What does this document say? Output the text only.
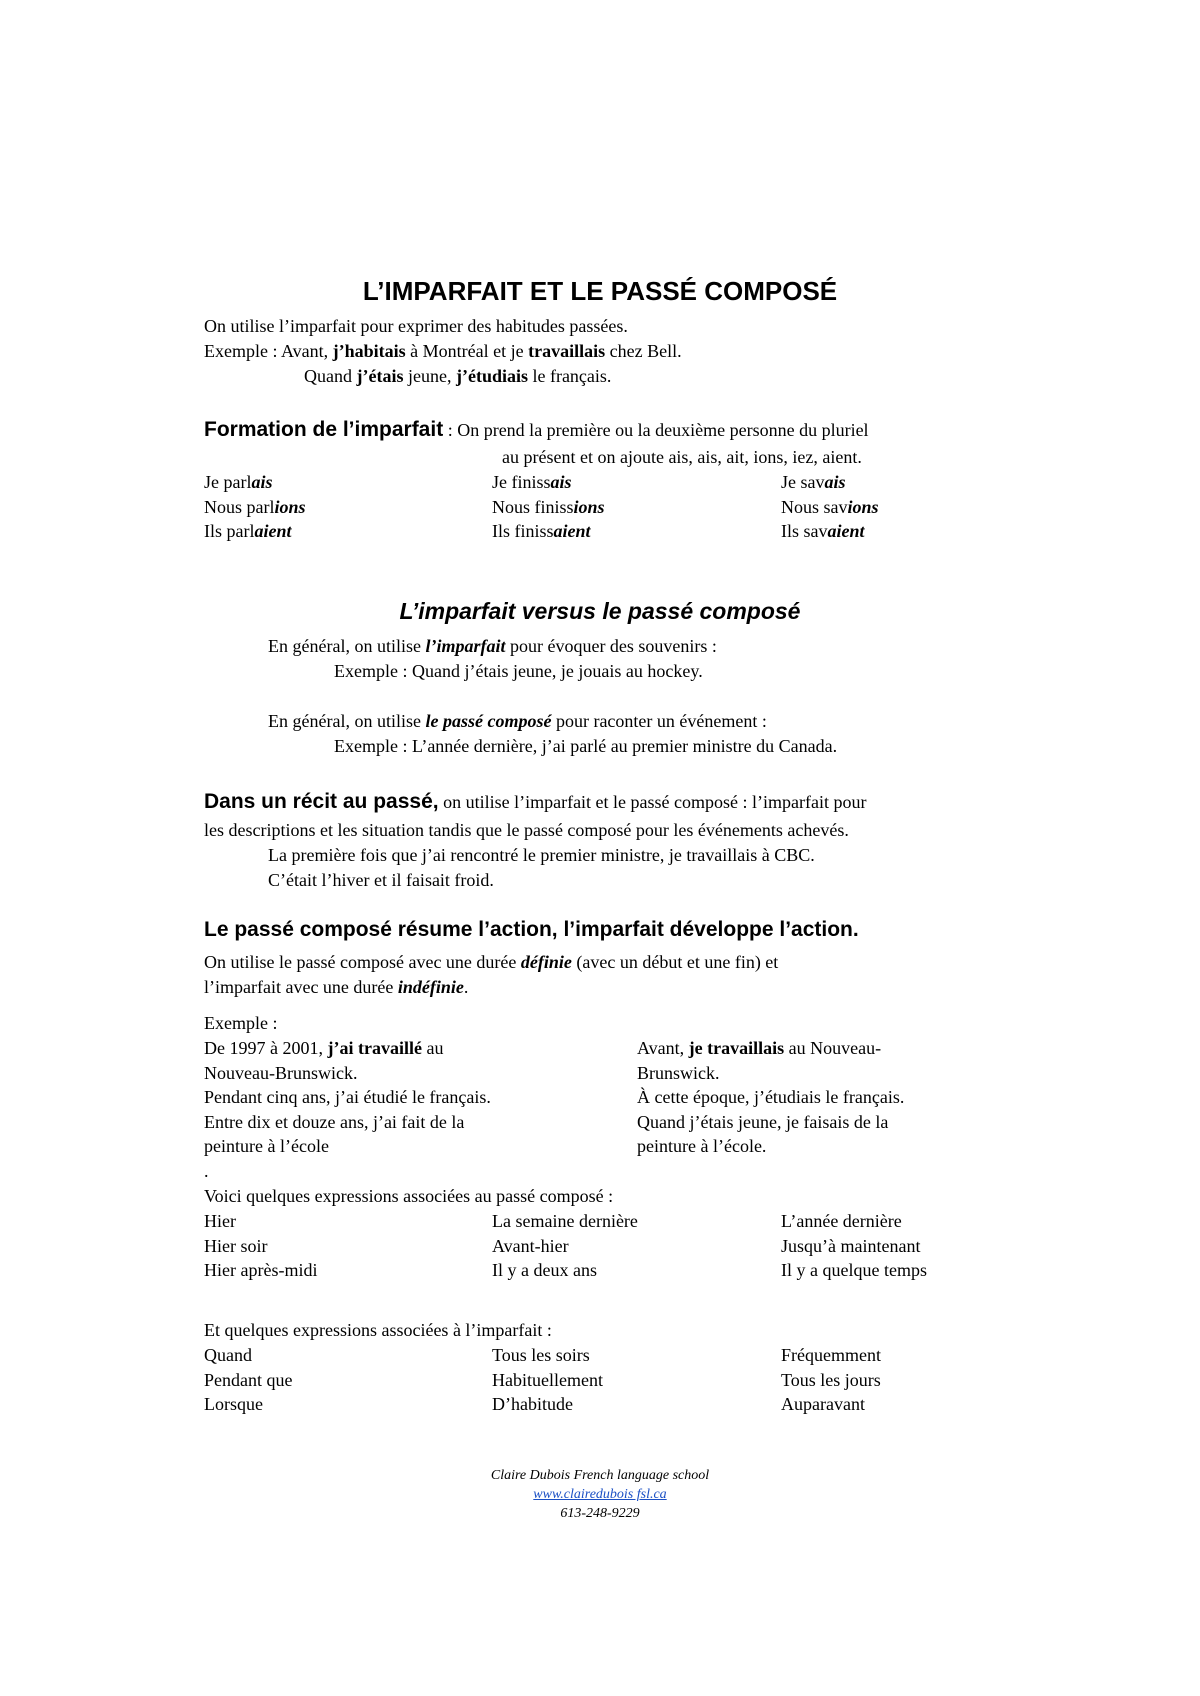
L’IMPARFAIT ET LE PASSÉ COMPOSÉ
On utilise l’imparfait pour exprimer des habitudes passées.
Exemple : Avant, j’habitais à Montréal et je travaillais chez Bell.
Quand j’étais jeune, j’étudiais le français.
Formation de l’imparfait : On prend la première ou la deuxième personne du pluriel
au présent et on ajoute ais, ais, ait, ions, iez, aient.
Je parlais
Nous parlions
Ils parlaient
Je finissais
Nous finissions
Ils finissaient
Je savais
Nous savions
Ils savaient
L’imparfait versus le passé composé
En général, on utilise l’imparfait pour évoquer des souvenirs :
Exemple : Quand j’étais jeune, je jouais au hockey.
En général, on utilise le passé composé pour raconter un événement :
Exemple : L’année dernière, j’ai parlé au premier ministre du Canada.
Dans un récit au passé, on utilise l’imparfait et le passé composé : l’imparfait pour
les descriptions et les situation tandis que le passé composé pour les événements achevés.
La première fois que j’ai rencontré le premier ministre, je travaillais à CBC.
C’était l’hiver et il faisait froid.
Le passé composé résume l’action, l’imparfait développe l’action.
On utilise le passé composé avec une durée définie (avec un début et une fin) et
l’imparfait avec une durée indéfinie.
Exemple :
De 1997 à 2001, j’ai travaillé au
Nouveau-Brunswick.
Pendant cinq ans, j’ai étudié le français.
Entre dix et douze ans, j’ai fait de la
peinture à l’école
Avant, je travaillais au Nouveau-
Brunswick.
À cette époque, j’étudiais le français.
Quand j’étais jeune, je faisais de la
peinture à l’école.
.
Voici quelques expressions associées au passé composé :
Hier
Hier soir
Hier après-midi
La semaine dernière
Avant-hier
Il y a deux ans
L’année dernière
Jusqu’à maintenant
Il y a quelque temps
Et quelques expressions associées à l’imparfait :
Quand
Pendant que
Lorsque
Tous les soirs
Habituellement
D’habitude
Fréquemment
Tous les jours
Auparavant
Claire Dubois French language school
www.clairedubois fsl.ca
613-248-9229
